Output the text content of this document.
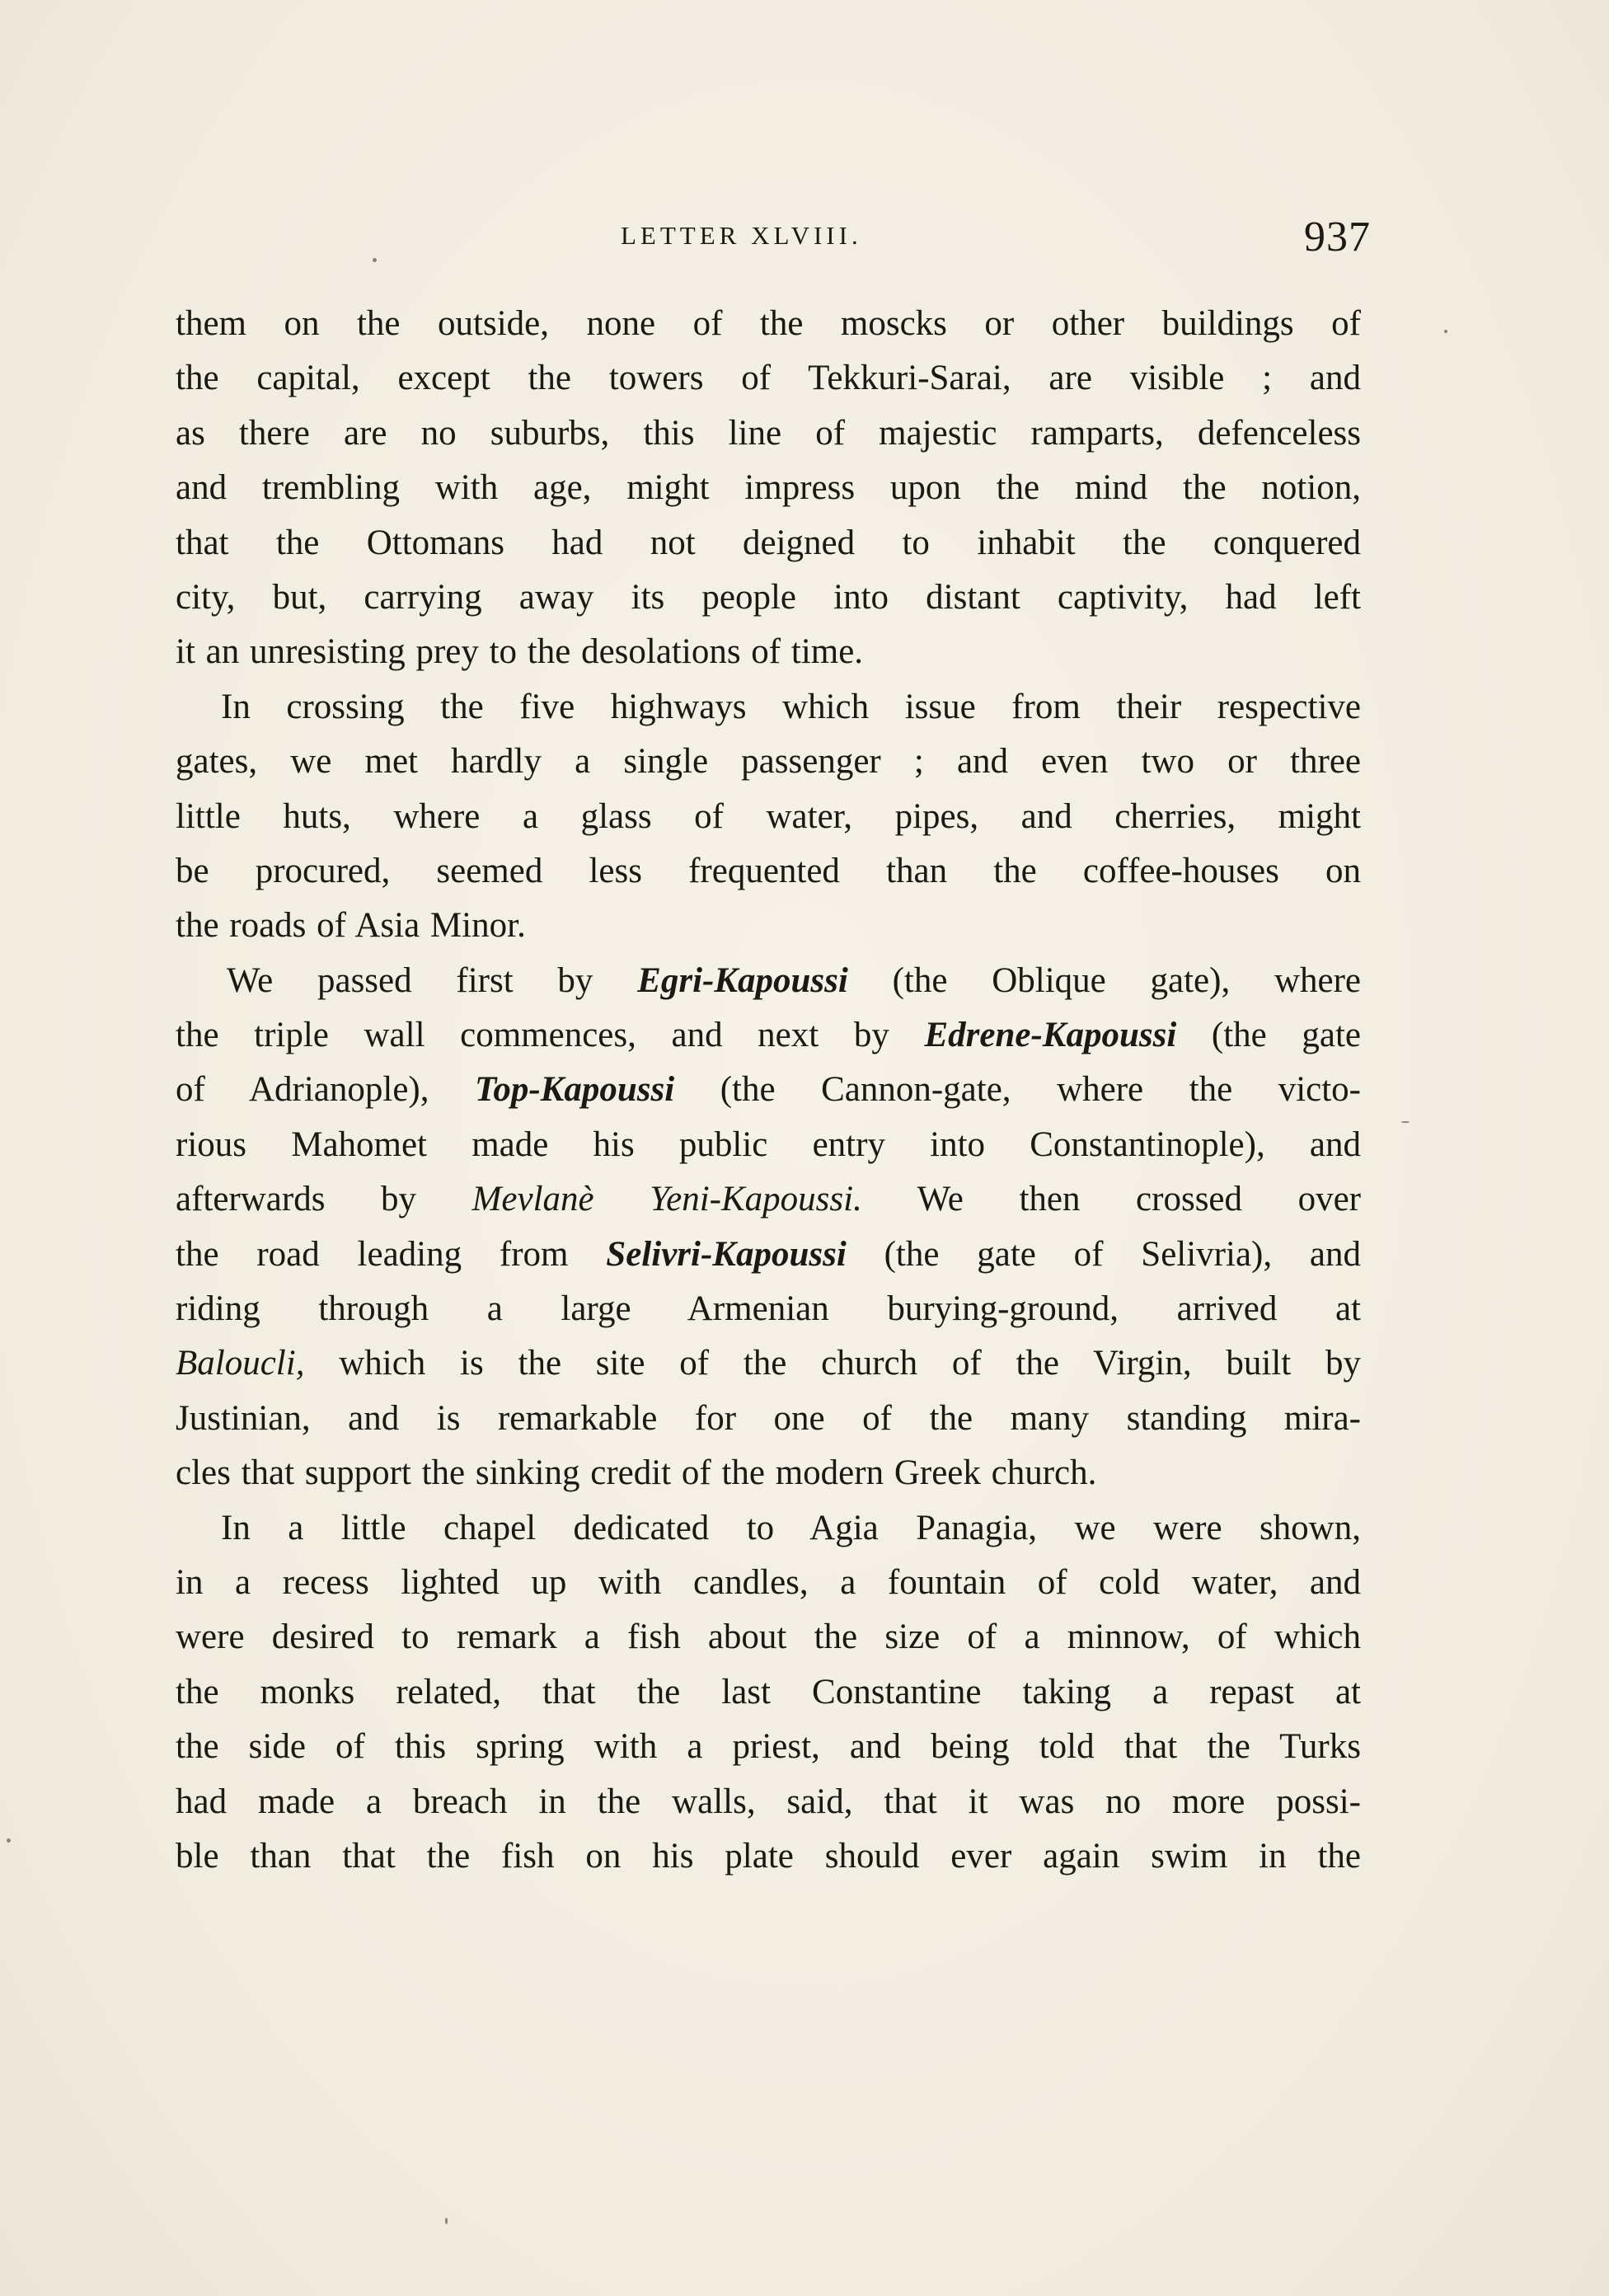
LETTER XLVIII.	937
them on the outside, none of the moscks or other buildings of
the capital, except the towers of Tekkuri-Sarai, are visible ; and
as there are no suburbs, this line of majestic ramparts, defenceless
and trembling with age, might impress upon the mind the notion,
that the Ottomans had not deigned to inhabit the conquered
city, but, carrying away its people into distant captivity, had left
it an unresisting prey to the desolations of time.
In crossing the five highways which issue from their respective
gates, we met hardly a single passenger ; and even two or three
little huts, where a glass of water, pipes, and cherries, might
be procured, seemed less frequented than the coffee-houses on
the roads of Asia Minor.
We passed first by Egri-Kapoussi (the Oblique gate), where
the triple wall commences, and next by Edrene-Kapoussi (the gate
of Adrianople), Top-Kapoussi (the Cannon-gate, where the victo-
rious Mahomet made his public entry into Constantinople), and
afterwards by Mevlanè Yeni-Kapoussi. We then crossed over
the road leading from Selivri-Kapoussi (the gate of Selivria), and
riding through a large Armenian burying-ground, arrived at
Baloucli, which is the site of the church of the Virgin, built by
Justinian, and is remarkable for one of the many standing mira-
cles that support the sinking credit of the modern Greek church.
In a little chapel dedicated to Agia Panagia, we were shown,
in a recess lighted up with candles, a fountain of cold water, and
were desired to remark a fish about the size of a minnow, of which
the monks related, that the last Constantine taking a repast at
the side of this spring with a priest, and being told that the Turks
had made a breach in the walls, said, that it was no more possi-
ble than that the fish on his plate should ever again swim in the
